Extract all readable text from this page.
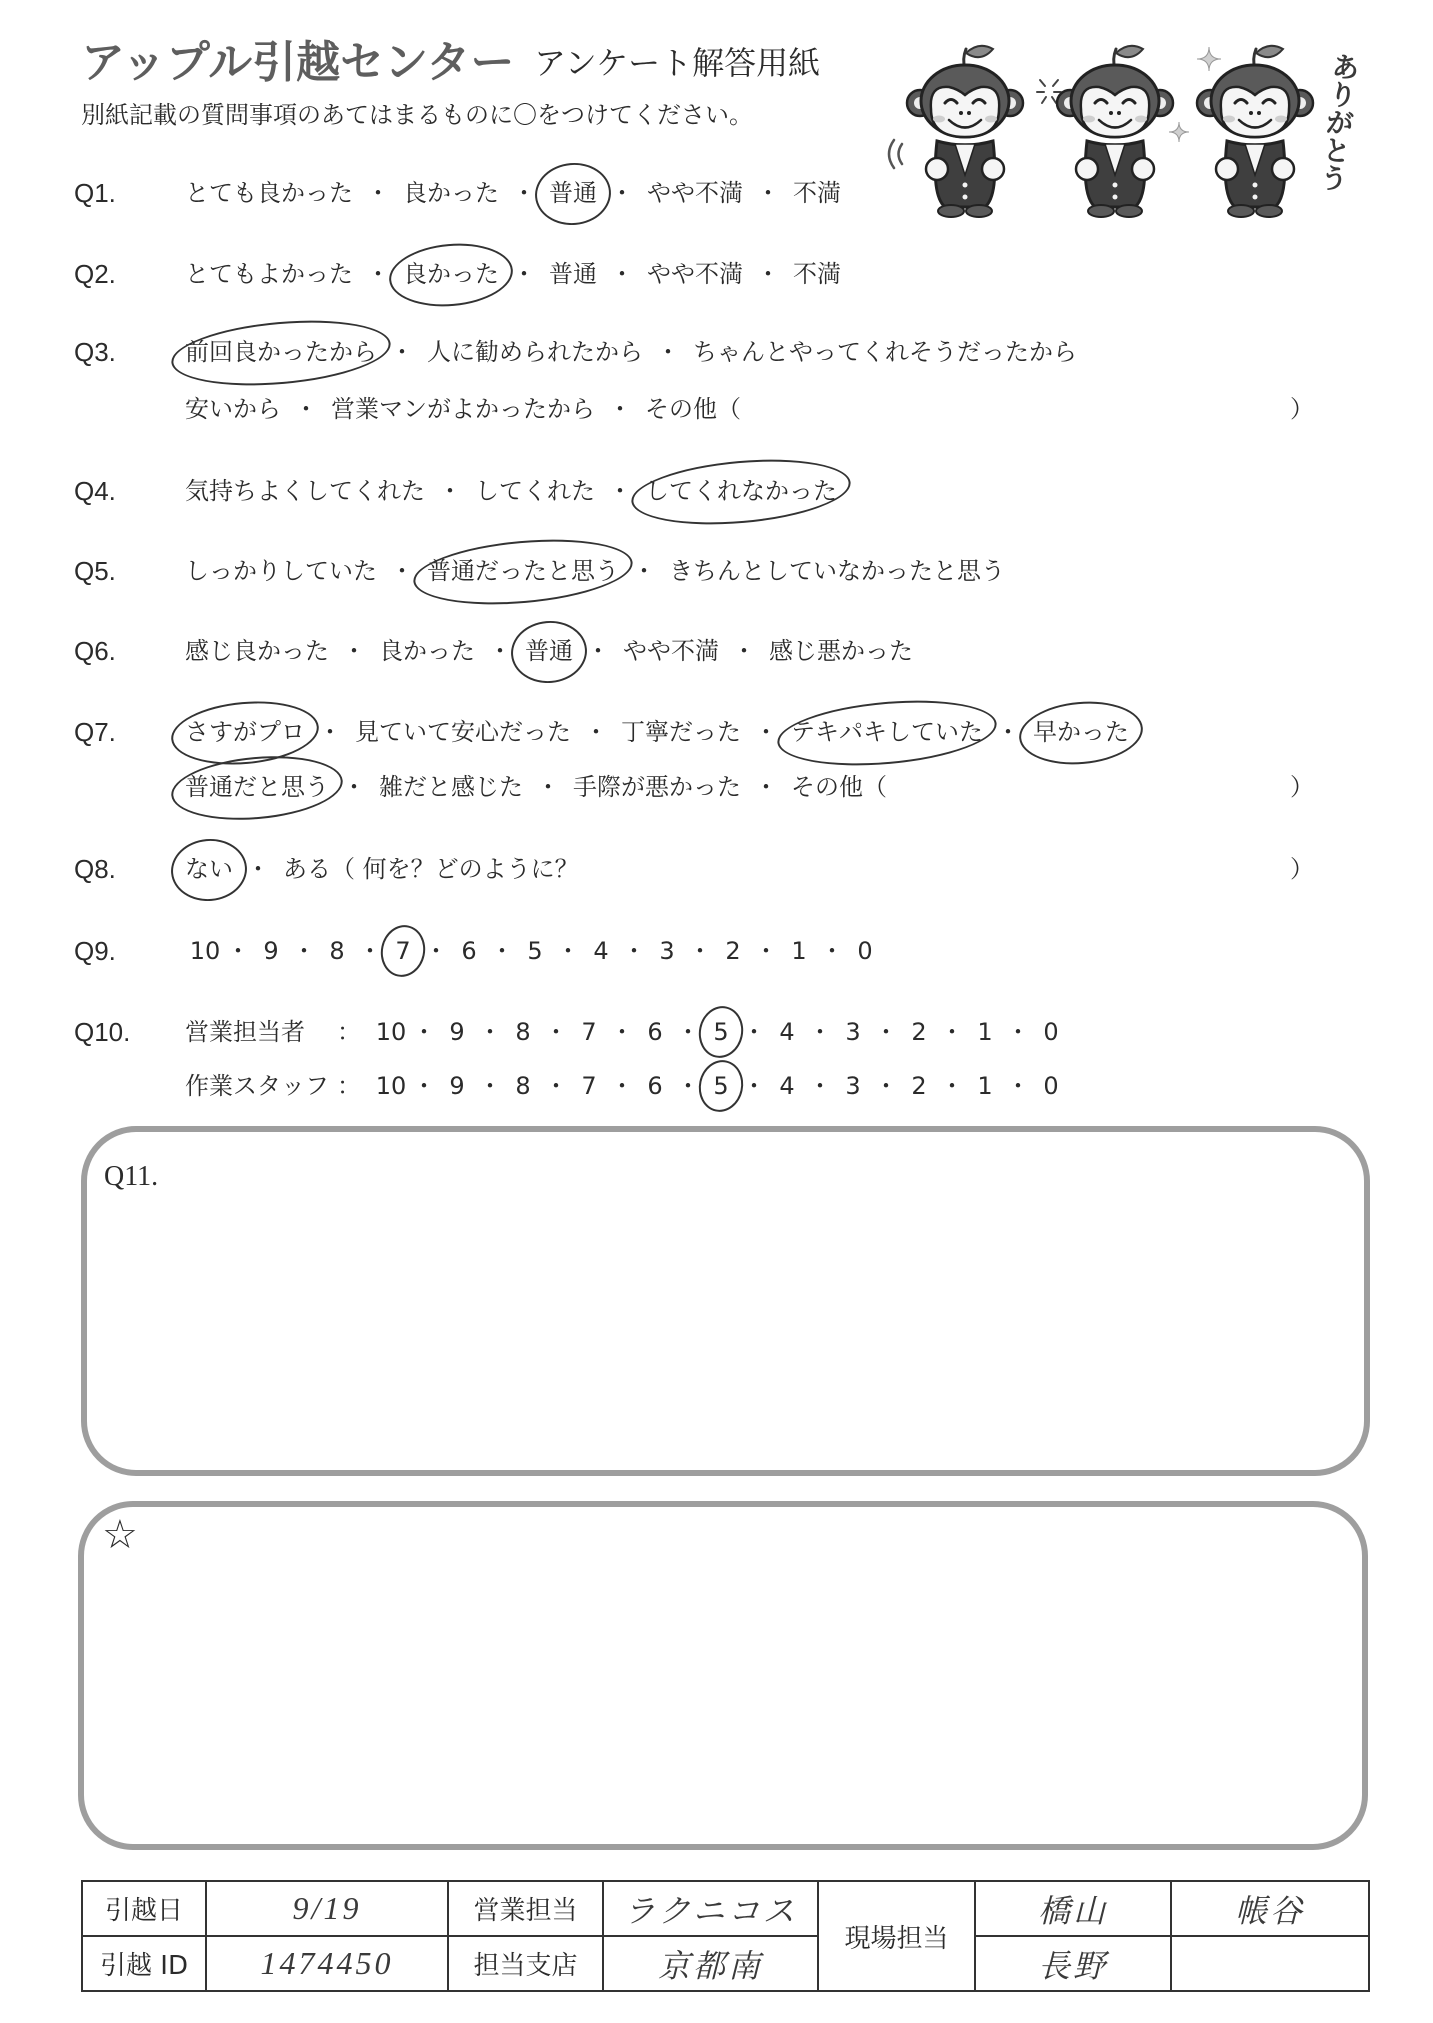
アップル引越センター アンケート解答用紙
別紙記載の質問事項のあてはまるものに〇をつけてください。	ありがとう
Q1.	とても良かった ・ 良かった ・ 普通 ・ やや不満 ・ 不満
Q2.	とてもよかった ・ 良かった ・ 普通 ・ やや不満 ・ 不満
Q3.	前回良かったから ・ 人に勧められたから ・ ちゃんとやってくれそうだったから
安いから ・ 営業マンがよかったから ・ その他（	）
Q4.	気持ちよくしてくれた ・ してくれた ・ してくれなかった
Q5.	しっかりしていた ・ 普通だったと思う ・ きちんとしていなかったと思う
Q6.	感じ良かった ・ 良かった ・ 普通 ・ やや不満 ・ 感じ悪かった
Q7.	さすがプロ ・ 見ていて安心だった ・ 丁寧だった ・ テキパキしていた ・ 早かった
普通だと思う ・ 雑だと感じた ・ 手際が悪かった ・ その他（	）
Q8.	ない ・ ある（ 何を？どのように？	）
Q9.	10 ・ 9 ・ 8 ・ 7 ・ 6 ・ 5 ・ 4 ・ 3 ・ 2 ・ 1 ・ 0
Q10. 営業担当者	： 10 ・ 9 ・ 8 ・ 7 ・ 6 ・ 5 ・ 4 ・ 3 ・ 2 ・ 1 ・ 0
作業スタッフ ： 10 ・ 9 ・ 8 ・ 7 ・ 6 ・ 5 ・ 4 ・ 3 ・ 2 ・ 1 ・ 0
Q11.
☆
引越日	9/19	営業担当	ラクニコス	現場担当	橋山	帳谷
引越 ID	1474450	担当支店	京都南		長野	
